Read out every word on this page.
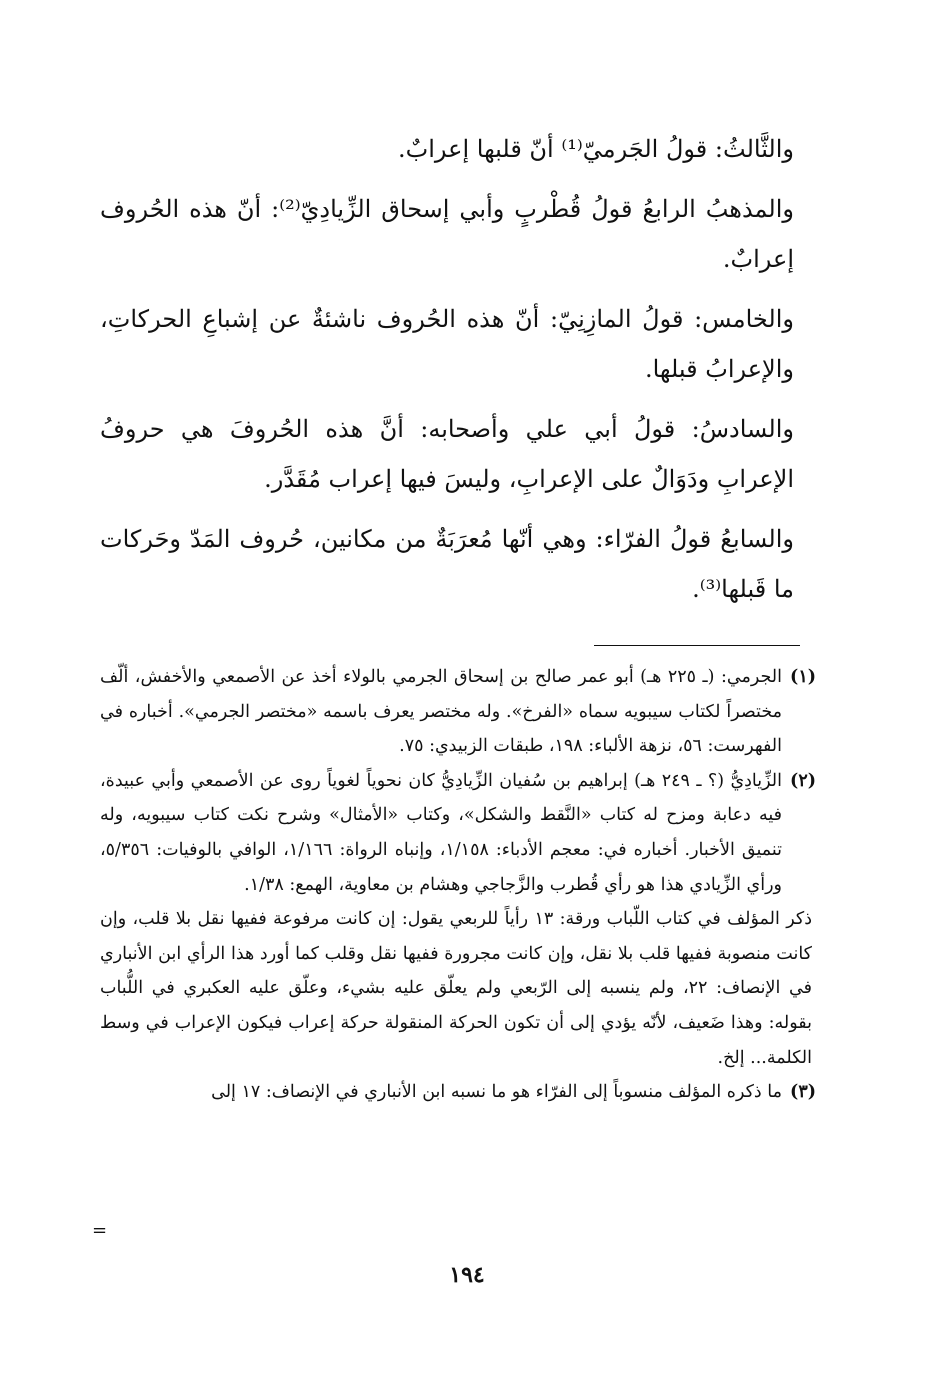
والثَّالثُ: قولُ الجَرميّ⁽¹⁾ أنّ قلبها إعرابٌ.

والمذهبُ الرابعُ قولُ قُطْربٍ وأبي إسحاق الزِّيادِيّ⁽²⁾: أنّ هذه الحُروف إعرابٌ.

والخامس: قولُ المازِنِيّ: أنّ هذه الحُروف ناشئةٌ عن إشباعِ الحركاتِ، والإعرابُ قبلها.

والسادسُ: قولُ أبي علي وأصحابه: أنَّ هذه الحُروفَ هي حروفُ الإعرابِ ودَوَالٌ على الإعرابِ، وليسَ فيها إعراب مُقَدَّر.

والسابعُ قولُ الفرّاء: وهي أنّها مُعرَبَةٌ من مكانين، حُروف المَدّ وحَركات ما قَبلها⁽³⁾.

(١)
الجرمي: (ـ ٢٢٥ هـ) أبو عمر صالح بن إسحاق الجرمي بالولاء أخذ عن الأصمعي والأخفش، ألّف مختصراً لكتاب سيبويه سماه «الفرخ». وله مختصر يعرف باسمه «مختصر الجرمي». أخباره في الفهرست: ٥٦، نزهة الألباء: ١٩٨، طبقات الزبيدي: ٧٥.

(٢)
الزِّيادِيُّ (؟ ـ ٢٤٩ هـ) إبراهيم بن سُفيان الزِّيادِيُّ كان نحوياً لغوياً روى عن الأصمعي وأبي عبيدة، فيه دعابة ومزح له كتاب «النَّقط والشكل»، وكتاب «الأمثال» وشرح نكت كتاب سيبويه، وله تنميق الأخبار. أخباره في: معجم الأدباء: ١/١٥٨، وإنباه الرواة: ١/١٦٦، الوافي بالوفيات: ٥/٣٥٦، ورأي الزِّيادي هذا هو رأي قُطرب والزَّجاجي وهشام بن معاوية، الهمع: ١/٣٨.

ذكر المؤلف في كتاب اللّباب ورقة: ١٣ رأياً للربعي يقول: إن كانت مرفوعة ففيها نقل بلا قلب، وإن كانت منصوبة ففيها قلب بلا نقل، وإن كانت مجرورة ففيها نقل وقلب كما أورد هذا الرأي ابن الأنباري في الإنصاف: ٢٢، ولم ينسبه إلى الرّبعي ولم يعلّق عليه بشيء، وعلّق عليه العكبري في اللُّباب بقوله: وهذا ضَعيف، لأنّه يؤدي إلى أن تكون الحركة المنقولة حركة إعراب فيكون الإعراب في وسط الكلمة... إلخ.

(٣)
ما ذكره المؤلف منسوباً إلى الفرّاء هو ما نسبه ابن الأنباري في الإنصاف: ١٧ إلى

=
١٩٤
